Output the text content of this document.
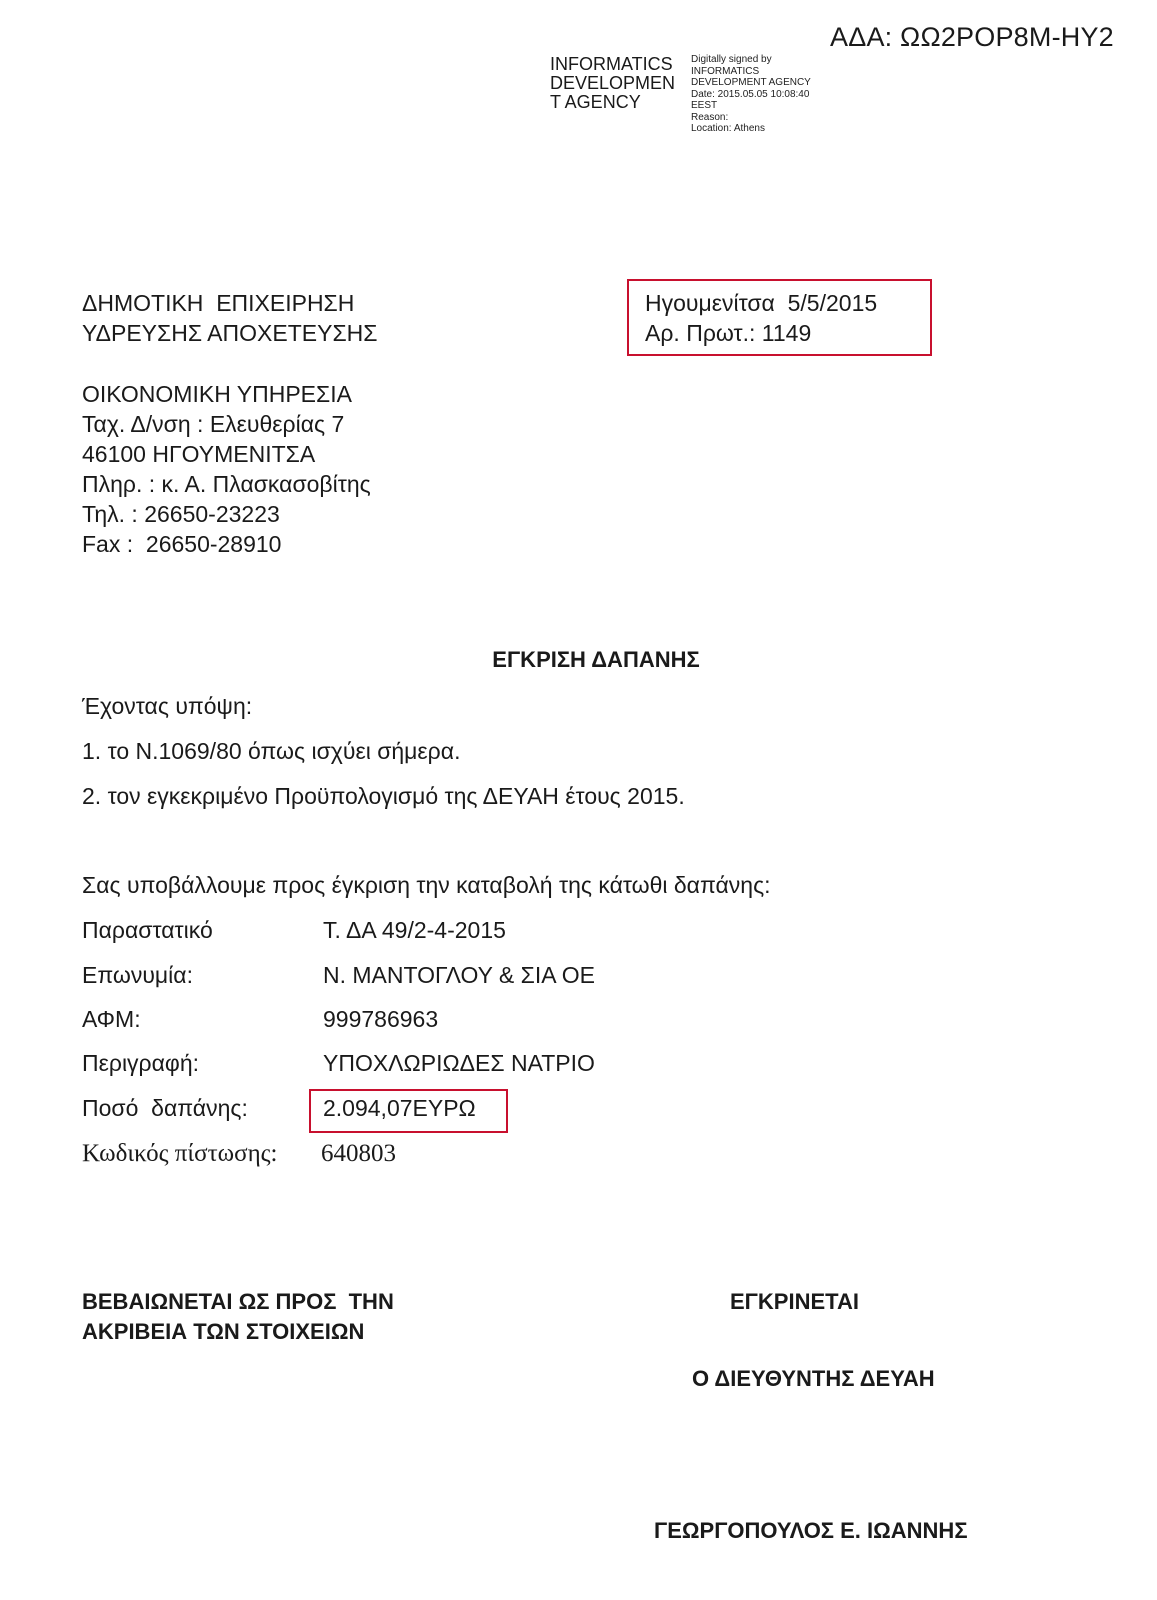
ΑΔΑ: ΩΩ2ΡΟΡ8Μ-ΗΥ2
INFORMATICS
DEVELOPMEN
T AGENCY
Digitally signed by
INFORMATICS
DEVELOPMENT AGENCY
Date: 2015.05.05 10:08:40
EEST
Reason:
Location: Athens
ΔΗΜΟΤΙΚΗ  ΕΠΙΧΕΙΡΗΣΗ
ΥΔΡΕΥΣΗΣ ΑΠΟΧΕΤΕΥΣΗΣ
Ηγουμενίτσα  5/5/2015
Αρ. Πρωτ.: 1149
ΟΙΚΟΝΟΜΙΚΗ ΥΠΗΡΕΣΙΑ
Ταχ. Δ/νση : Ελευθερίας 7
46100 ΗΓΟΥΜΕΝΙΤΣΑ
Πληρ. : κ. Α. Πλασκασοβίτης
Τηλ. : 26650-23223
Fax :  26650-28910
ΕΓΚΡΙΣΗ ΔΑΠΑΝΗΣ
Έχοντας υπόψη:
1. το Ν.1069/80 όπως ισχύει σήμερα.
2. τον εγκεκριμένο Προϋπολογισμό της ΔΕΥΑΗ έτους 2015.
Σας υποβάλλουμε προς έγκριση την καταβολή της κάτωθι δαπάνης:
Παραστατικό	Τ. ΔΑ 49/2-4-2015
Επωνυμία:	Ν. ΜΑΝΤΟΓΛΟΥ & ΣΙΑ ΟΕ
ΑΦΜ:	999786963
Περιγραφή:	ΥΠΟΧΛΩΡΙΩΔΕΣ ΝΑΤΡΙΟ
Ποσό  δαπάνης:	2.094,07ΕΥΡΩ
Κωδικός πίστωσης: 640803
ΒΕΒΑΙΩΝΕΤΑΙ ΩΣ ΠΡΟΣ  ΤΗΝ
ΑΚΡΙΒΕΙΑ ΤΩΝ ΣΤΟΙΧΕΙΩΝ
ΕΓΚΡΙΝΕΤΑΙ
Ο ΔΙΕΥΘΥΝΤΗΣ ΔΕΥΑΗ
ΓΕΩΡΓΟΠΟΥΛΟΣ Ε. ΙΩΑΝΝΗΣ
